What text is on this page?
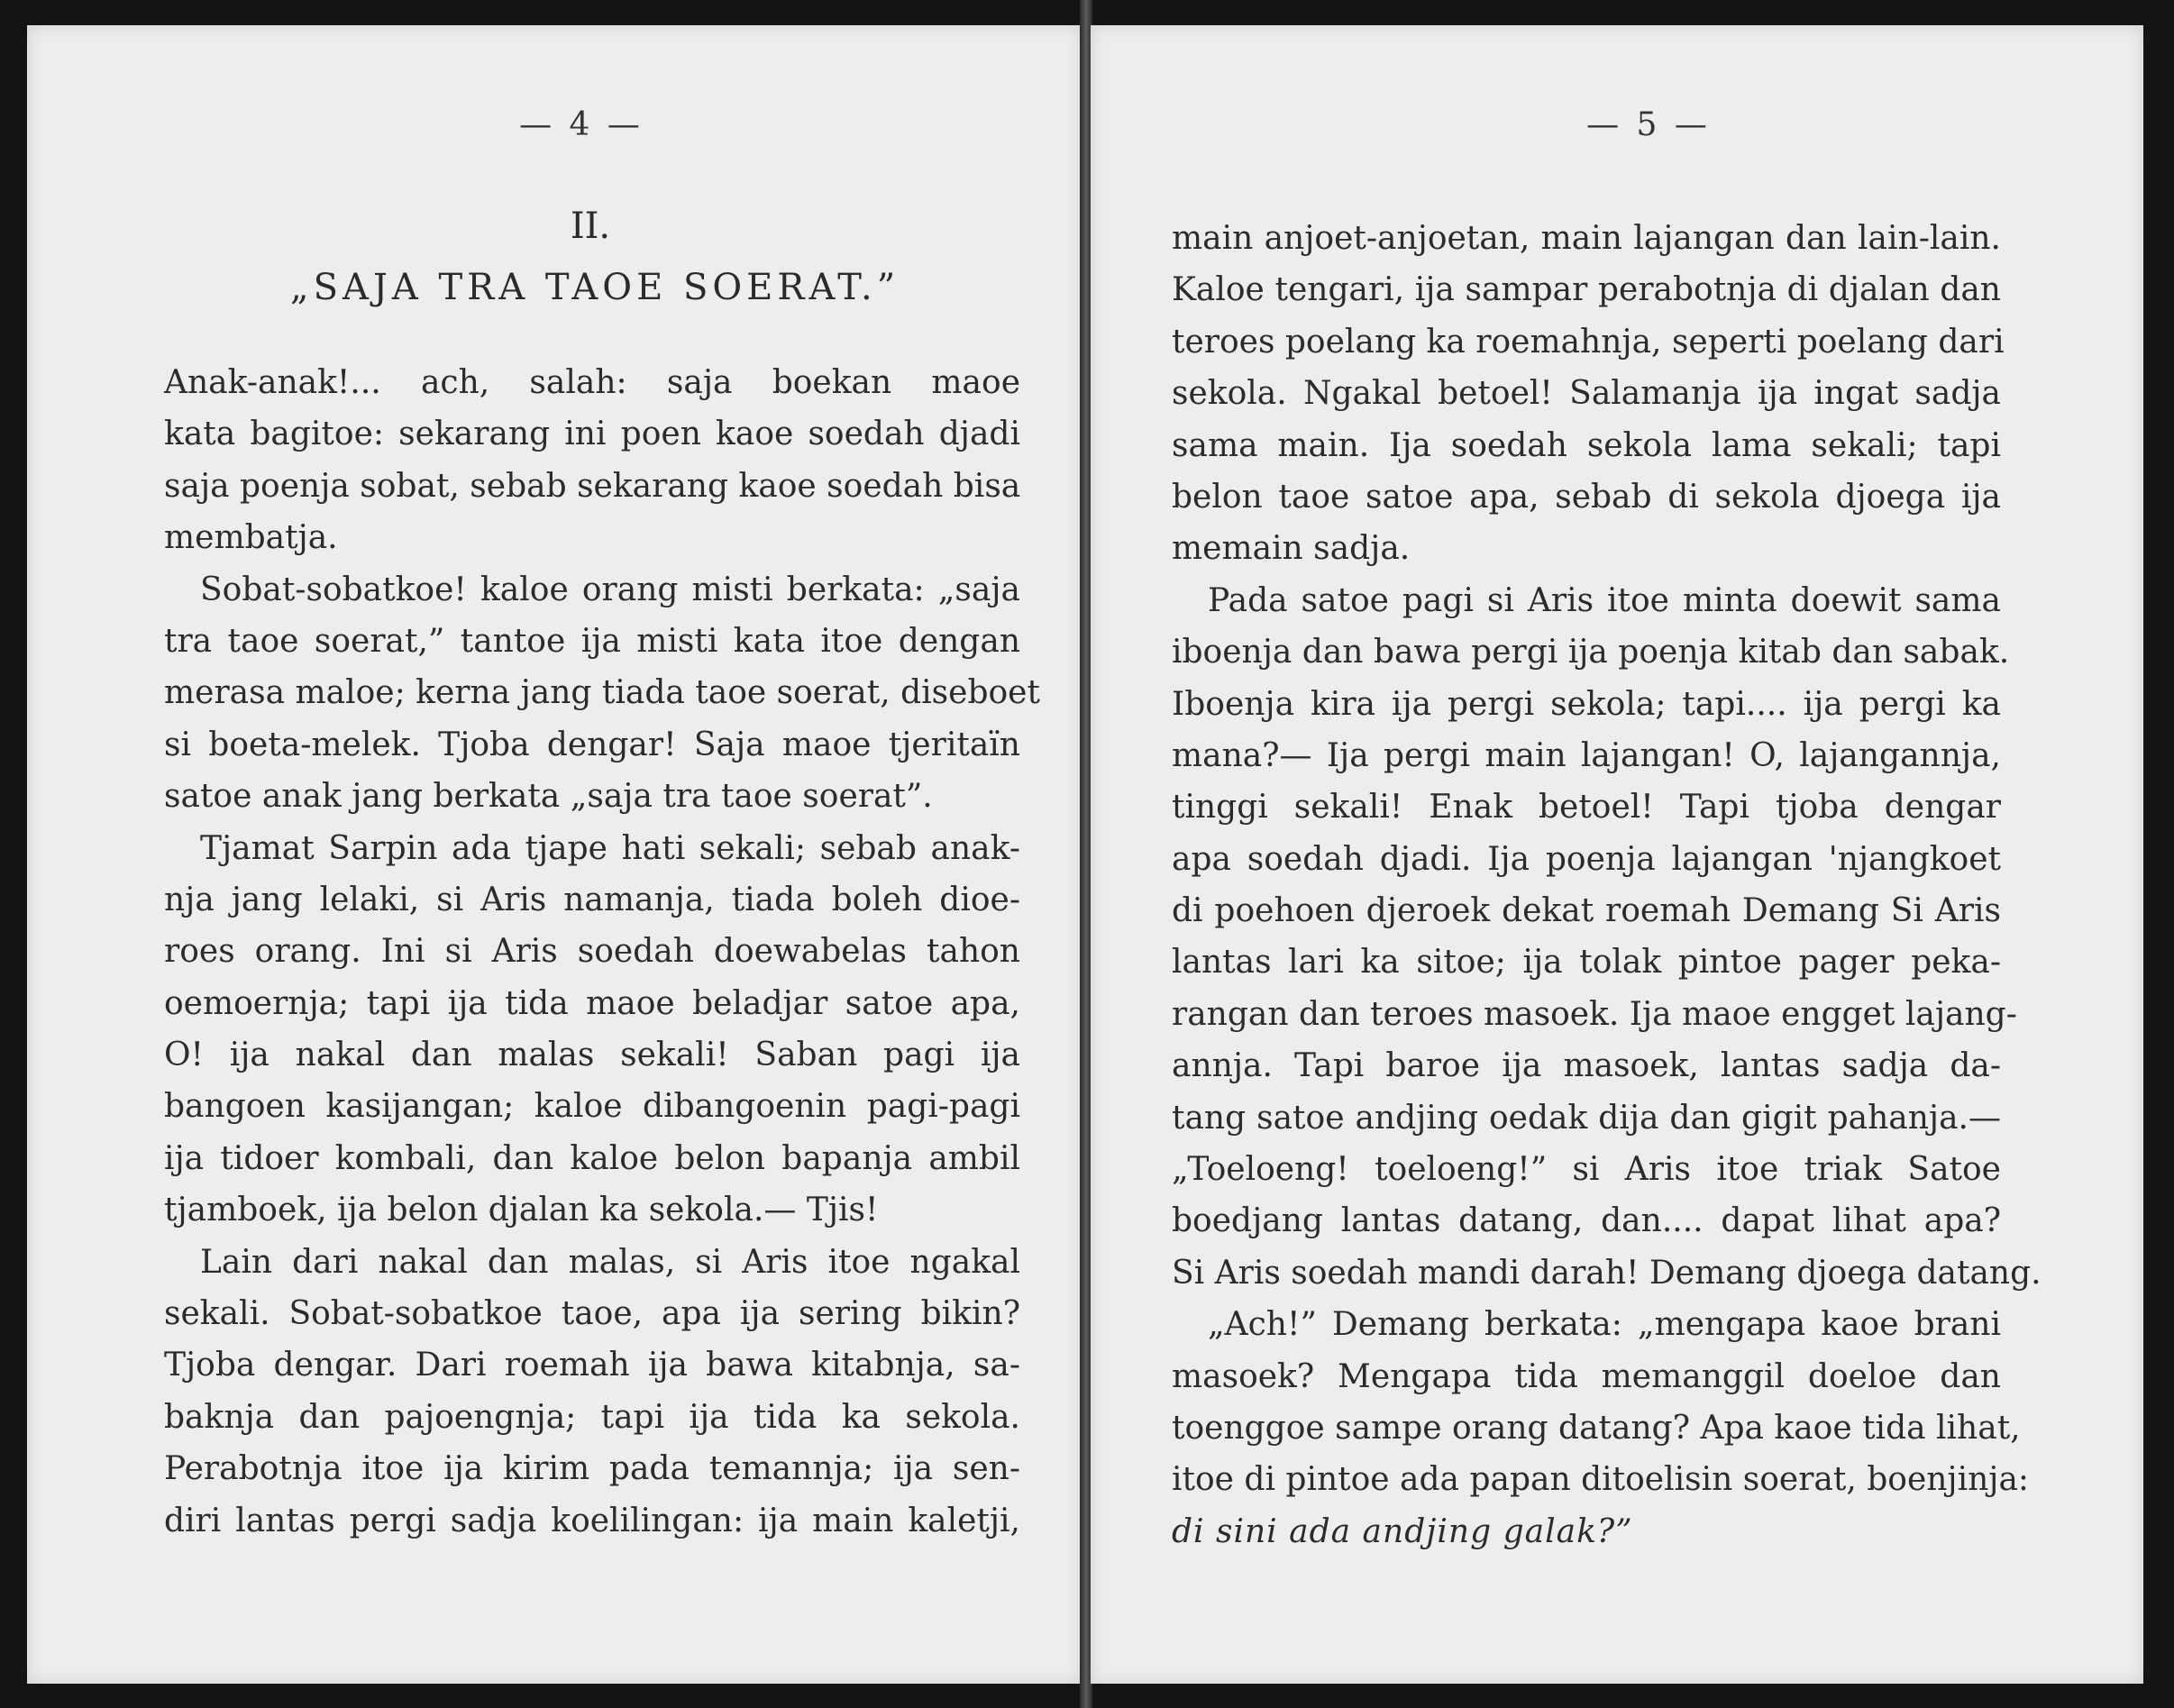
— 4 —
II.
„SAJA TRA TAOE SOERAT.”
Anak-anak!... ach, salah: saja boekan maoe
kata bagitoe: sekarang ini poen kaoe soedah djadi
saja poenja sobat, sebab sekarang kaoe soedah bisa
membatja.
Sobat-sobatkoe! kaloe orang misti berkata: „saja
tra taoe soerat,” tantoe ija misti kata itoe dengan
merasa maloe; kerna jang tiada taoe soerat, diseboet
si boeta-melek. Tjoba dengar! Saja maoe tjeritaïn
satoe anak jang berkata „saja tra taoe soerat”.
Tjamat Sarpin ada tjape hati sekali; sebab anak-
nja jang lelaki, si Aris namanja, tiada boleh dioe-
roes orang. Ini si Aris soedah doewabelas tahon
oemoernja; tapi ija tida maoe beladjar satoe apa,
O! ija nakal dan malas sekali! Saban pagi ija
bangoen kasijangan; kaloe dibangoenin pagi-pagi
ija tidoer kombali, dan kaloe belon bapanja ambil
tjamboek, ija belon djalan ka sekola.— Tjis!
Lain dari nakal dan malas, si Aris itoe ngakal
sekali. Sobat-sobatkoe taoe, apa ija sering bikin?
Tjoba dengar. Dari roemah ija bawa kitabnja, sa-
baknja dan pajoengnja; tapi ija tida ka sekola.
Perabotnja itoe ija kirim pada temannja; ija sen-
diri lantas pergi sadja koelilingan: ija main kaletji,
— 5 —
main anjoet-anjoetan, main lajangan dan lain-lain.
Kaloe tengari, ija sampar perabotnja di djalan dan
teroes poelang ka roemahnja, seperti poelang dari
sekola. Ngakal betoel! Salamanja ija ingat sadja
sama main. Ija soedah sekola lama sekali; tapi
belon taoe satoe apa, sebab di sekola djoega ija
memain sadja.
Pada satoe pagi si Aris itoe minta doewit sama
iboenja dan bawa pergi ija poenja kitab dan sabak.
Iboenja kira ija pergi sekola; tapi.... ija pergi ka
mana?— Ija pergi main lajangan! O, lajangannja,
tinggi sekali! Enak betoel! Tapi tjoba dengar
apa soedah djadi. Ija poenja lajangan 'njangkoet
di poehoen djeroek dekat roemah Demang Si Aris
lantas lari ka sitoe; ija tolak pintoe pager peka-
rangan dan teroes masoek. Ija maoe engget lajang-
annja. Tapi baroe ija masoek, lantas sadja da-
tang satoe andjing oedak dija dan gigit pahanja.—
„Toeloeng! toeloeng!” si Aris itoe triak Satoe
boedjang lantas datang, dan.... dapat lihat apa?
Si Aris soedah mandi darah! Demang djoega datang.
„Ach!” Demang berkata: „mengapa kaoe brani
masoek? Mengapa tida memanggil doeloe dan
toenggoe sampe orang datang? Apa kaoe tida lihat,
itoe di pintoe ada papan ditoelisin soerat, boenjinja:
di sini ada andjing galak?”
